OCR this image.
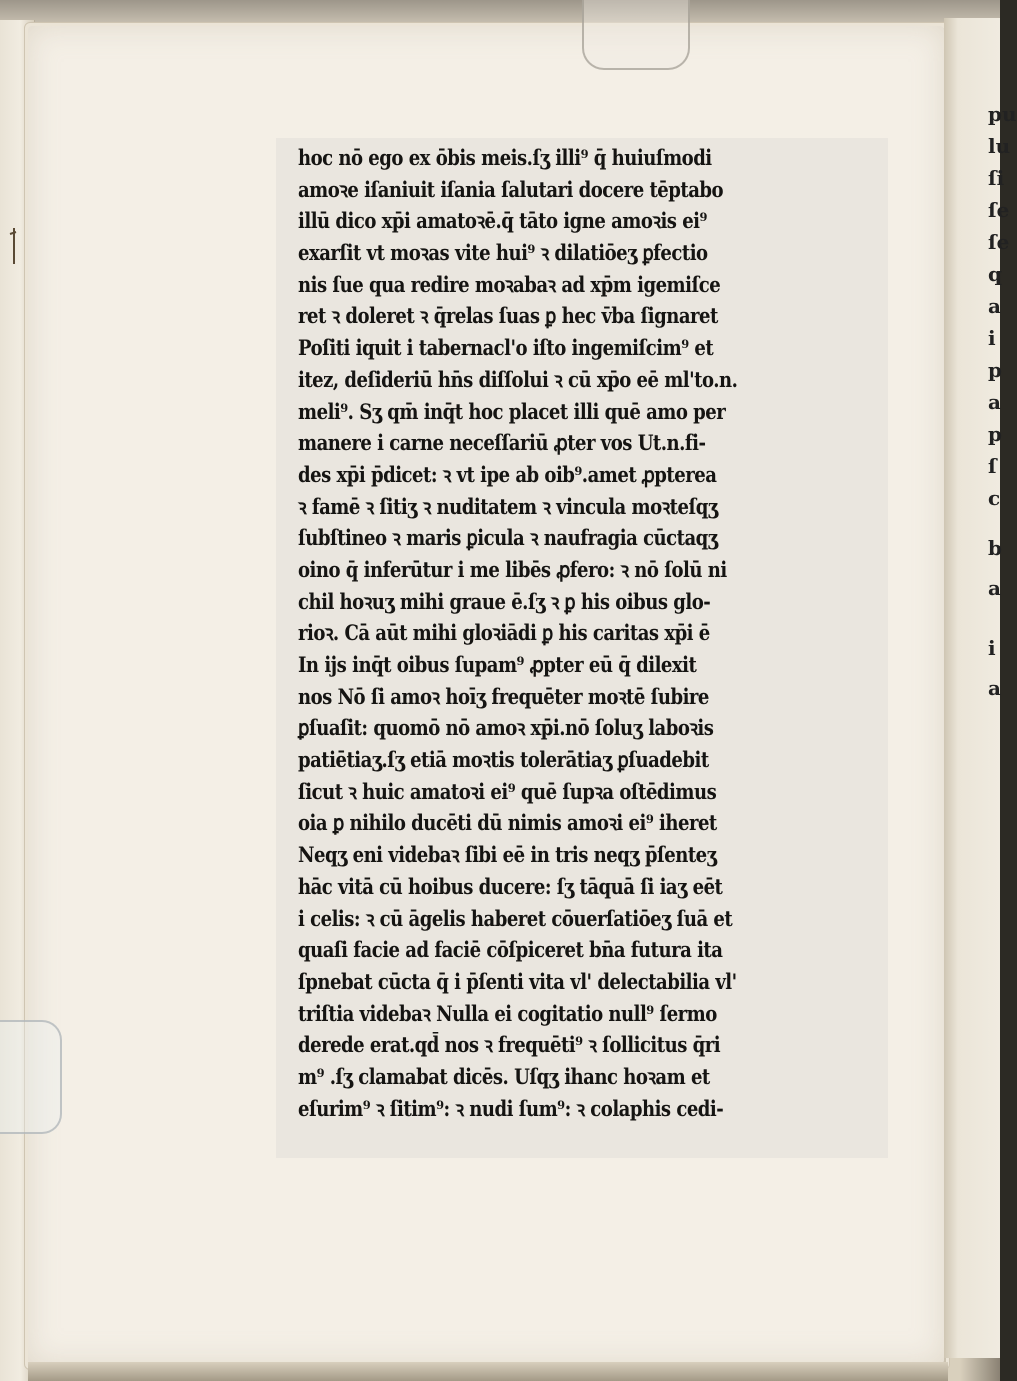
hoc nō ego ex ōbis meis.ſʒ illi⁹ q̄ huiuſmodi
amoꝛe iſaniuit iſania ſalutari docere tēptabo
illū dico xp̄i amatoꝛē.q̄ tāto igne amoꝛis ei⁹
exarſit vt moꝛas vite hui⁹ ꝛ dilatiōeʒ ꝑfectio
nis ſue qua redire moꝛabaꝛ ad xp̄m igemiſce
ret ꝛ doleret ꝛ q̄relas ſuas ꝑ hec v̄ba ſignaret
Poſiti iquit i tabernacl'o iſto ingemiſcim⁹ et
itez, deſideriū hn̄s diſſolui ꝛ cū xp̄o eē ml'to.n.
meli⁹. Sʒ qm̄ inq̄t hoc placet illi quē amo per
manere i carne neceſſariū ꝓter vos Ut.n.fi-
des xp̄i p̄dicet: ꝛ vt ipe ab oib⁹.amet ꝓpterea
ꝛ famē ꝛ ſitiʒ ꝛ nuditatem ꝛ vincula moꝛteſqʒ
ſubſtineo ꝛ maris ꝑicula ꝛ naufragia cūctaqʒ
oino q̄ inferūtur i me libēs ꝓfero: ꝛ nō ſolū ni
chil hoꝛuʒ mihi graue ē.ſʒ ꝛ ꝑ his oibus glo-
rioꝛ. Cā aūt mihi gloꝛiādi ꝑ his caritas xp̄i ē
In ijs inq̄t oibus ſupam⁹ ꝓpter eū q̄ dilexit
nos Nō ſi amoꝛ hoīʒ frequēter moꝛtē ſubire
ꝑſuaſit: quomō nō amoꝛ xp̄i.nō ſoluʒ laboꝛis
patiētiaʒ.ſʒ etiā moꝛtis tolerātiaʒ ꝑſuadebit
ſicut ꝛ huic amatoꝛi ei⁹ quē ſupꝛa oſtēdimus
oia ꝑ nihilo ducēti dū nimis amoꝛi ei⁹ iheret
Neqʒ eni videbaꝛ ſibi eē in tris neqʒ p̄ſenteʒ
hāc vitā cū hoibus ducere: ſʒ tāquā ſi iaʒ eēt
i celis: ꝛ cū āgelis haberet cōuerſatiōeʒ ſuā et
quaſi facie ad faciē cōſpiceret bn̄a futura ita
ſpnebat cūcta q̄ i p̄ſenti vita vl' delectabilia vl'
triſtia videbaꝛ Nulla ei cogitatio null⁹ ſermo
derede erat.qd̄ nos ꝛ frequēti⁹ ꝛ ſollicitus q̄ri
m⁹ .ſʒ clamabat dicēs. Uſqʒ ihanc hoꝛam et
eſurim⁹ ꝛ ſitim⁹: ꝛ nudi ſum⁹: ꝛ colaphis cedi-
pu
lu
ſi
ſe
ſe
q
a
i
p
a
p
ſ
c
b
a
i
a
